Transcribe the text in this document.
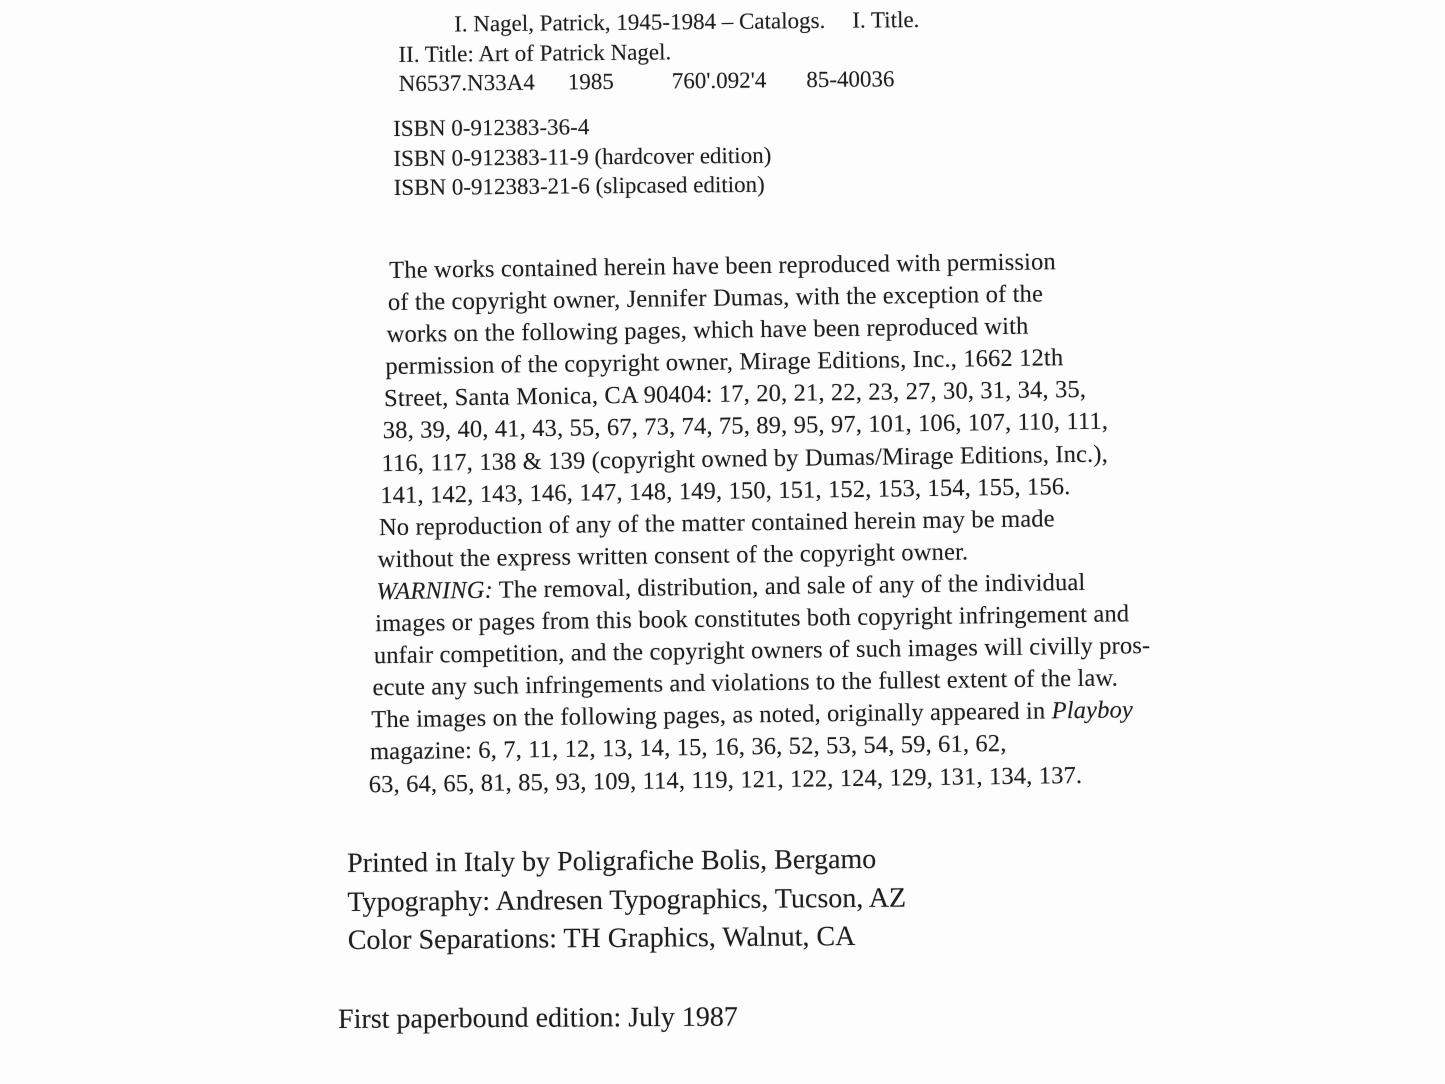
I. Nagel, Patrick, 1945-1984 – Catalogs. I. Title.
II. Title: Art of Patrick Nagel.
N6537.N33A4 1985	760'.092'4 85-40036
ISBN 0-912383-36-4
ISBN 0-912383-11-9 (hardcover edition)
ISBN 0-912383-21-6 (slipcased edition)
The works contained herein have been reproduced with permission
of the copyright owner, Jennifer Dumas, with the exception of the
works on the following pages, which have been reproduced with
permission of the copyright owner, Mirage Editions, Inc., 1662 12th
Street, Santa Monica, CA 90404: 17, 20, 21, 22, 23, 27, 30, 31, 34, 35,
38, 39, 40, 41, 43, 55, 67, 73, 74, 75, 89, 95, 97, 101, 106, 107, 110, 111,
116, 117, 138 & 139 (copyright owned by Dumas/Mirage Editions, Inc.),
141, 142, 143, 146, 147, 148, 149, 150, 151, 152, 153, 154, 155, 156.
No reproduction of any of the matter contained herein may be made
without the express written consent of the copyright owner.
WARNING: The removal, distribution, and sale of any of the individual
images or pages from this book constitutes both copyright infringement and
unfair competition, and the copyright owners of such images will civilly pros-
ecute any such infringements and violations to the fullest extent of the law.
The images on the following pages, as noted, originally appeared in Playboy
magazine: 6, 7, 11, 12, 13, 14, 15, 16, 36, 52, 53, 54, 59, 61, 62,
63, 64, 65, 81, 85, 93, 109, 114, 119, 121, 122, 124, 129, 131, 134, 137.
Printed in Italy by Poligrafiche Bolis, Bergamo
Typography: Andresen Typographics, Tucson, AZ
Color Separations: TH Graphics, Walnut, CA
First paperbound edition: July 1987
